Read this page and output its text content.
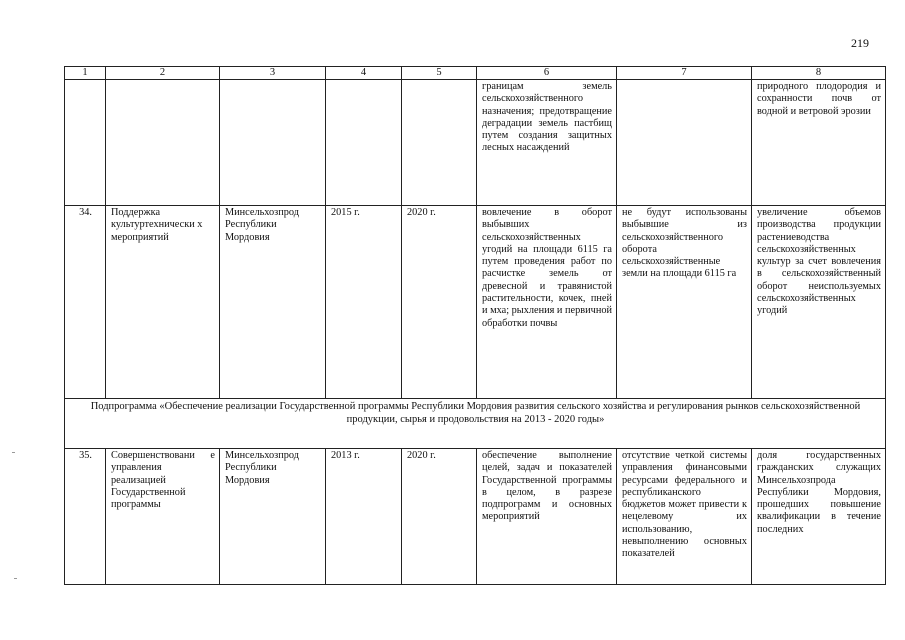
219
1	2	3	4	5	6	7	8
					границам земель сельскохозяйственного назначения; предотвращение деградации земель пастбищ путем создания защитных лесных насаждений		природного плодородия и сохранности почв от водной и ветровой эрозии
34.	Поддержка культуртехнически х мероприятий	Минсельхозпрод Республики Мордовия	2015 г.	2020 г.	вовлечение в оборот выбывших сельскохозяйственных угодий на площади 6115 га путем проведения работ по расчистке земель от древесной и травянистой растительности, кочек, пней и мха; рыхления и первичной обработки почвы	не будут использованы выбывшие из сельскохозяйственного оборота сельскохозяйственные земли на площади 6115 га	увеличение объемов производства продукции растениеводства сельскохозяйственных культур за счет вовлечения в сельскохозяйственный оборот неиспользуемых сельскохозяйственных угодий
Подпрограмма «Обеспечение реализации Государственной программы Республики Мордовия развития сельского хозяйства и регулирования рынков сельскохозяйственной продукции, сырья и продовольствия на 2013 - 2020 годы»							
35.	Совершенствовани е управления реализацией Государственной программы	Минсельхозпрод Республики Мордовия	2013 г.	2020 г.	обеспечение выполнение целей, задач и показателей Государственной программы в целом, в разрезе подпрограмм и основных мероприятий	отсутствие четкой системы управления финансовыми ресурсами федерального и республиканского бюджетов может привести к нецелевому их использованию, невыполнению основных показателей	доля государственных гражданских служащих Минсельхозпрода Республики Мордовия, прошедших повышение квалификации в течение последних
